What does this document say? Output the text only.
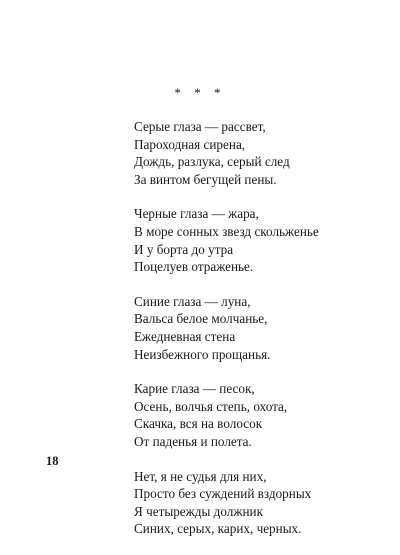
* * *
Серые глаза — рассвет,
Пароходная сирена,
Дождь, разлука, серый след
За винтом бегущей пены.
Черные глаза — жара,
В море сонных звезд скольженье
И у борта до утра
Поцелуев отраженье.
Синие глаза — луна,
Вальса белое молчанье,
Ежедневная стена
Неизбежного прощанья.
Карие глаза — песок,
Осень, волчья степь, охота,
Скачка, вся на волосок
От паденья и полета.
Нет, я не судья для них,
Просто без суждений вздорных
Я четырежды должник
Синих, серых, карих, черных.
18
